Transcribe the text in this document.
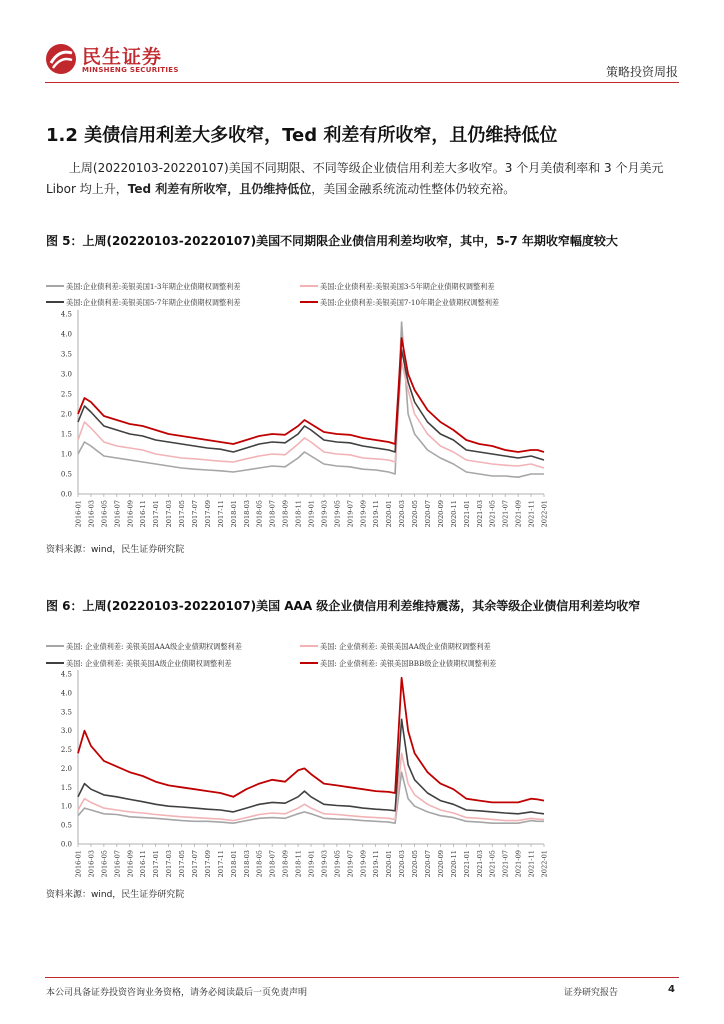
民生证券
MINSHENG SECURITIES	策略投资周报
1.2 美债信用利差大多收窄，Ted 利差有所收窄，且仍维持低位
上周(20220103-20220107)美国不同期限、不同等级企业债信用利差大多收窄。3 个月美债利率和 3 个月美元 Libor 均上升，Ted 利差有所收窄，且仍维持低位，美国金融系统流动性整体仍较充裕。
图 5：上周(20220103-20220107)美国不同期限企业债信用利差均收窄，其中，5-7 年期收窄幅度较大
美国:企业债利差:美银美国1-3年期企业债期权调整利差	美国:企业债利差:美银美国3-5年期企业债期权调整利差
美国:企业债利差:美银美国5-7年期企业债期权调整利差	美国:企业债利差:美银美国7-10年期企业债期权调整利差
0.0
0.5
1.0
1.5
2.0
2.5
3.0
3.5
4.0
4.5
2016-01 2016-03 2016-05 2016-07 2016-09 2016-11 2017-01 2017-03 2017-05 2017-07 2017-09 2017-11 2018-01 2018-03 2018-05 2018-07 2018-09 2018-11 2019-01 2019-03 2019-05 2019-07 2019-09 2019-11 2020-01 2020-03 2020-05 2020-07 2020-09 2020-11 2021-01 2021-03 2021-05 2021-07 2021-09 2021-11 2022-01
资料来源：wind，民生证券研究院
图 6：上周(20220103-20220107)美国 AAA 级企业债信用利差维持震荡，其余等级企业债信用利差均收窄
美国: 企业债利差: 美银美国AAA级企业债期权调整利差	美国: 企业债利差: 美银美国AA级企业债期权调整利差
美国: 企业债利差: 美银美国A级企业债期权调整利差	美国: 企业债利差: 美银美国BBB级企业债期权调整利差
0.0
0.5
1.0
1.5
2.0
2.5
3.0
3.5
4.0
4.5
2016-01 2016-03 2016-05 2016-07 2016-09 2016-11 2017-01 2017-03 2017-05 2017-07 2017-09 2017-11 2018-01 2018-03 2018-05 2018-07 2018-09 2018-11 2019-01 2019-03 2019-05 2019-07 2019-09 2019-11 2020-01 2020-03 2020-05 2020-07 2020-09 2020-11 2021-01 2021-03 2021-05 2021-07 2021-09 2021-11 2022-01
资料来源：wind，民生证券研究院
本公司具备证券投资咨询业务资格，请务必阅读最后一页免责声明	证券研究报告	4
